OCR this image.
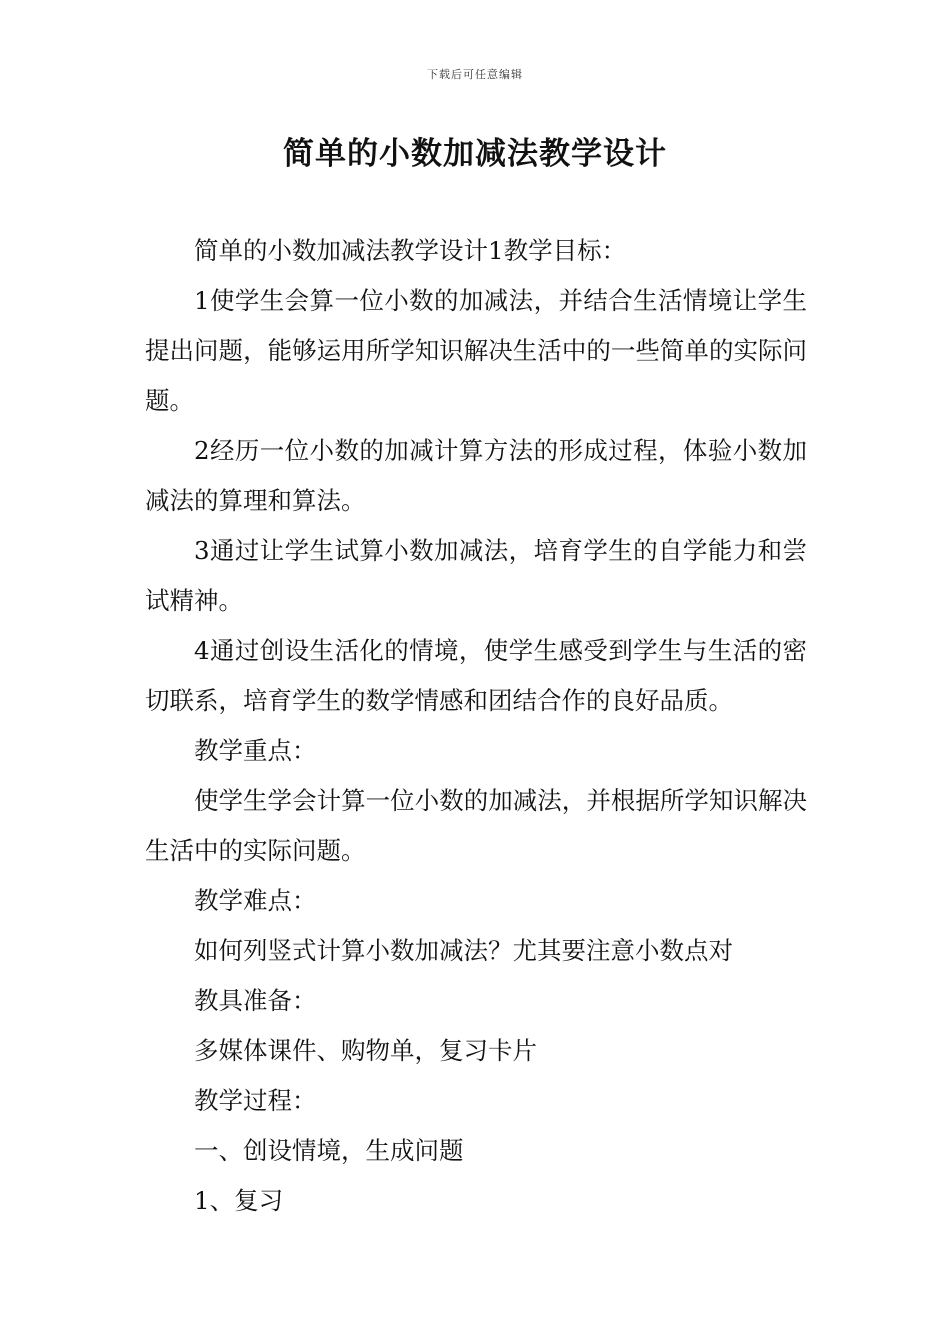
下载后可任意编辑
简单的小数加减法教学设计

简单的小数加减法教学设计1教学目标：

1使学生会算一位小数的加减法，并结合生活情境让学生提出问题，能够运用所学知识解决生活中的一些简单的实际问题。

2经历一位小数的加减计算方法的形成过程，体验小数加减法的算理和算法。

3通过让学生试算小数加减法，培育学生的自学能力和尝试精神。

4通过创设生活化的情境，使学生感受到学生与生活的密切联系，培育学生的数学情感和团结合作的良好品质。

教学重点：

使学生学会计算一位小数的加减法，并根据所学知识解决生活中的实际问题。

教学难点：

如何列竖式计算小数加减法？尤其要注意小数点对

教具准备：

多媒体课件、购物单，复习卡片

教学过程：

一、创设情境，生成问题

1、复习
